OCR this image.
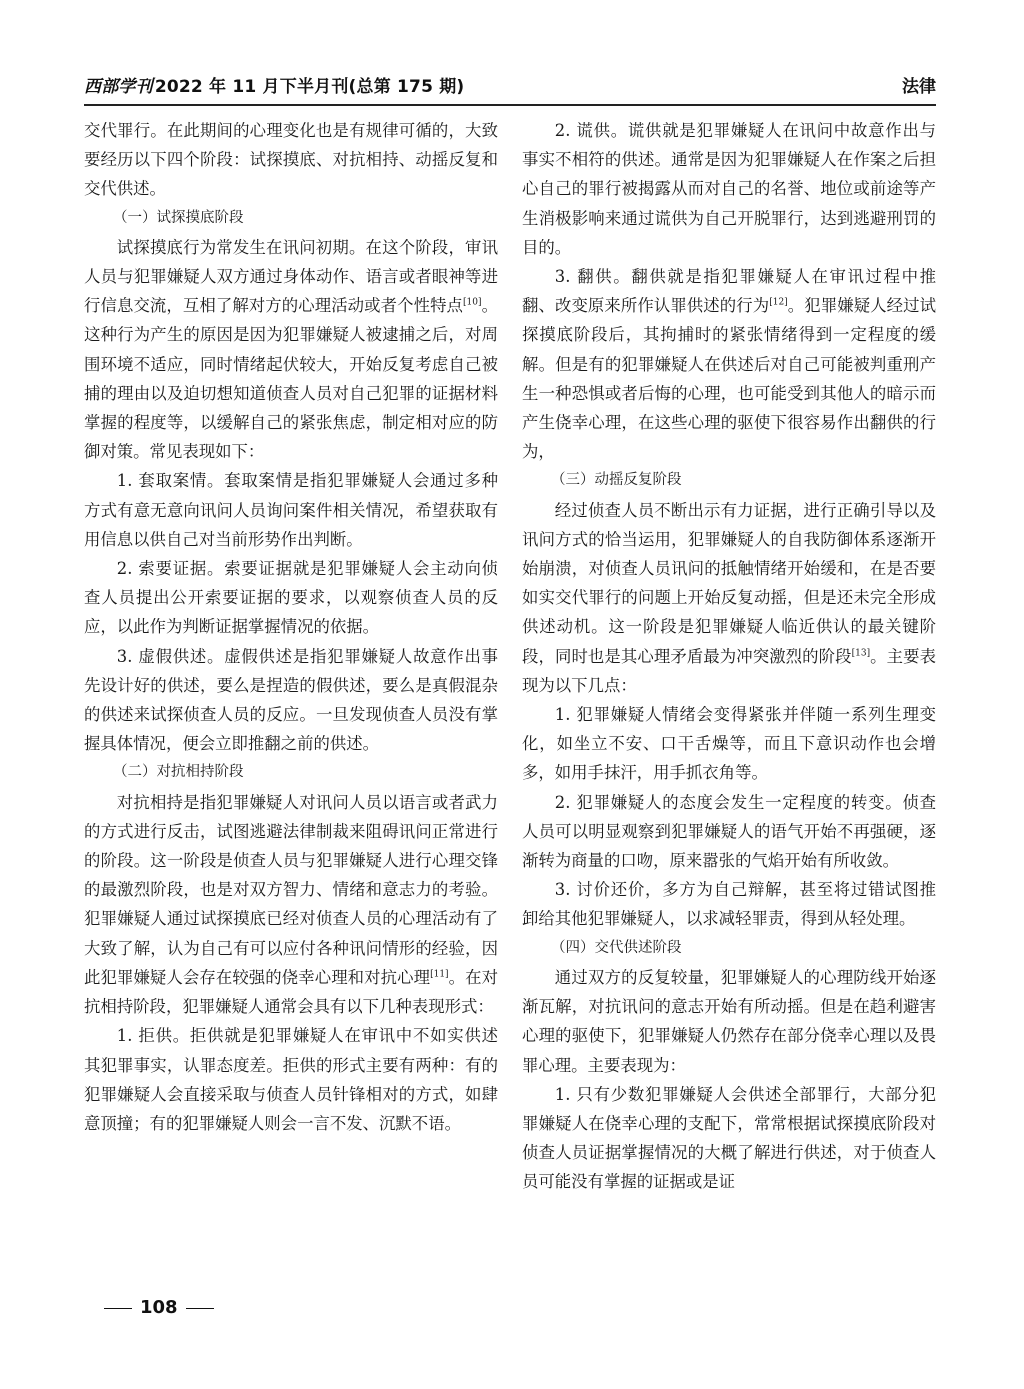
西部学刊 2022 年 11 月下半月刊(总第 175 期)	法律

交代罪行。在此期间的心理变化也是有规律可循的，大致要经历以下四个阶段：试探摸底、对抗相持、动摇反复和交代供述。

（一）试探摸底阶段

试探摸底行为常发生在讯问初期。在这个阶段，审讯人员与犯罪嫌疑人双方通过身体动作、语言或者眼神等进行信息交流，互相了解对方的心理活动或者个性特点[10]。这种行为产生的原因是因为犯罪嫌疑人被逮捕之后，对周围环境不适应，同时情绪起伏较大，开始反复考虑自己被捕的理由以及迫切想知道侦查人员对自己犯罪的证据材料掌握的程度等，以缓解自己的紧张焦虑，制定相对应的防御对策。常见表现如下：

1. 套取案情。套取案情是指犯罪嫌疑人会通过多种方式有意无意向讯问人员询问案件相关情况，希望获取有用信息以供自己对当前形势作出判断。

2. 索要证据。索要证据就是犯罪嫌疑人会主动向侦查人员提出公开索要证据的要求，以观察侦查人员的反应，以此作为判断证据掌握情况的依据。

3. 虚假供述。虚假供述是指犯罪嫌疑人故意作出事先设计好的供述，要么是捏造的假供述，要么是真假混杂的供述来试探侦查人员的反应。一旦发现侦查人员没有掌握具体情况，便会立即推翻之前的供述。

（二）对抗相持阶段

对抗相持是指犯罪嫌疑人对讯问人员以语言或者武力的方式进行反击，试图逃避法律制裁来阻碍讯问正常进行的阶段。这一阶段是侦查人员与犯罪嫌疑人进行心理交锋的最激烈阶段，也是对双方智力、情绪和意志力的考验。犯罪嫌疑人通过试探摸底已经对侦查人员的心理活动有了大致了解，认为自己有可以应付各种讯问情形的经验，因此犯罪嫌疑人会存在较强的侥幸心理和对抗心理[11]。在对抗相持阶段，犯罪嫌疑人通常会具有以下几种表现形式：

1. 拒供。拒供就是犯罪嫌疑人在审讯中不如实供述其犯罪事实，认罪态度差。拒供的形式主要有两种：有的犯罪嫌疑人会直接采取与侦查人员针锋相对的方式，如肆意顶撞；有的犯罪嫌疑人则会一言不发、沉默不语。

2. 谎供。谎供就是犯罪嫌疑人在讯问中故意作出与事实不相符的供述。通常是因为犯罪嫌疑人在作案之后担心自己的罪行被揭露从而对自己的名誉、地位或前途等产生消极影响来通过谎供为自己开脱罪行，达到逃避刑罚的目的。

3. 翻供。翻供就是指犯罪嫌疑人在审讯过程中推翻、改变原来所作认罪供述的行为[12]。犯罪嫌疑人经过试探摸底阶段后，其拘捕时的紧张情绪得到一定程度的缓解。但是有的犯罪嫌疑人在供述后对自己可能被判重刑产生一种恐惧或者后悔的心理，也可能受到其他人的暗示而产生侥幸心理，在这些心理的驱使下很容易作出翻供的行为，

（三）动摇反复阶段

经过侦查人员不断出示有力证据，进行正确引导以及讯问方式的恰当运用，犯罪嫌疑人的自我防御体系逐渐开始崩溃，对侦查人员讯问的抵触情绪开始缓和，在是否要如实交代罪行的问题上开始反复动摇，但是还未完全形成供述动机。这一阶段是犯罪嫌疑人临近供认的最关键阶段，同时也是其心理矛盾最为冲突激烈的阶段[13]。主要表现为以下几点：

1. 犯罪嫌疑人情绪会变得紧张并伴随一系列生理变化，如坐立不安、口干舌燥等，而且下意识动作也会增多，如用手抹汗，用手抓衣角等。

2. 犯罪嫌疑人的态度会发生一定程度的转变。侦查人员可以明显观察到犯罪嫌疑人的语气开始不再强硬，逐渐转为商量的口吻，原来嚣张的气焰开始有所收敛。

3. 讨价还价，多方为自己辩解，甚至将过错试图推卸给其他犯罪嫌疑人，以求减轻罪责，得到从轻处理。

（四）交代供述阶段

通过双方的反复较量，犯罪嫌疑人的心理防线开始逐渐瓦解，对抗讯问的意志开始有所动摇。但是在趋利避害心理的驱使下，犯罪嫌疑人仍然存在部分侥幸心理以及畏罪心理。主要表现为：

1. 只有少数犯罪嫌疑人会供述全部罪行，大部分犯罪嫌疑人在侥幸心理的支配下，常常根据试探摸底阶段对侦查人员证据掌握情况的大概了解进行供述，对于侦查人员可能没有掌握的证据或是证

108
